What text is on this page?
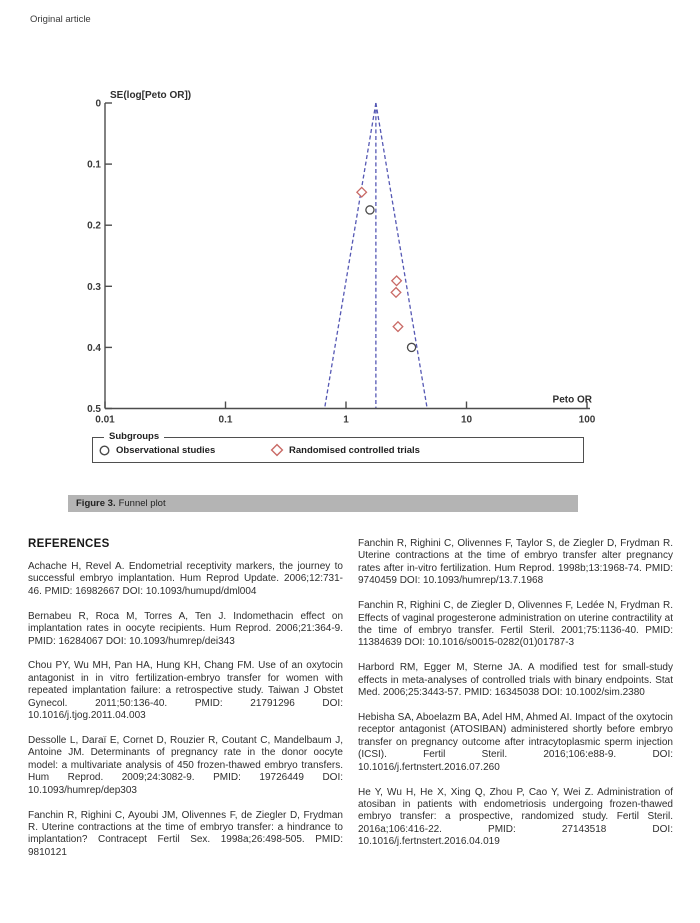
Original article
0
0.1
0.2
0.3
0.4
0.5
0.01	0.1	1	10	100
SE(log[Peto OR])
Peto OR
Subgroups
Observational studies	Randomised controlled trials
Figure 3. Funnel plot
REFERENCES

Achache H, Revel A. Endometrial receptivity markers, the journey to successful embryo implantation. Hum Reprod Update. 2006;12:731-46. PMID: 16982667 DOI: 10.1093/humupd/dml004

Bernabeu R, Roca M, Torres A, Ten J. Indomethacin effect on implantation rates in oocyte recipients. Hum Reprod. 2006;21:364-9. PMID: 16284067 DOI: 10.1093/humrep/dei343

Chou PY, Wu MH, Pan HA, Hung KH, Chang FM. Use of an oxytocin antagonist in in vitro fertilization-embryo transfer for women with repeated implantation failure: a retrospective study. Taiwan J Obstet Gynecol. 2011;50:136-40. PMID: 21791296 DOI: 10.1016/j.tjog.2011.04.003

Dessolle L, Daraï E, Cornet D, Rouzier R, Coutant C, Mandelbaum J, Antoine JM. Determinants of pregnancy rate in the donor oocyte model: a multivariate analysis of 450 frozen-thawed embryo transfers. Hum Reprod. 2009;24:3082-9. PMID: 19726449 DOI: 10.1093/humrep/dep303

Fanchin R, Righini C, Ayoubi JM, Olivennes F, de Ziegler D, Frydman R. Uterine contractions at the time of embryo transfer: a hindrance to implantation? Contracept Fertil Sex. 1998a;26:498-505. PMID: 9810121

Fanchin R, Righini C, Olivennes F, Taylor S, de Ziegler D, Frydman R. Uterine contractions at the time of embryo transfer alter pregnancy rates after in-vitro fertilization. Hum Reprod. 1998b;13:1968-74. PMID: 9740459 DOI: 10.1093/humrep/13.7.1968

Fanchin R, Righini C, de Ziegler D, Olivennes F, Ledée N, Frydman R. Effects of vaginal progesterone administration on uterine contractility at the time of embryo transfer. Fertil Steril. 2001;75:1136-40. PMID: 11384639 DOI: 10.1016/s0015-0282(01)01787-3

Harbord RM, Egger M, Sterne JA. A modified test for small-study effects in meta-analyses of controlled trials with binary endpoints. Stat Med. 2006;25:3443-57. PMID: 16345038 DOI: 10.1002/sim.2380

Hebisha SA, Aboelazm BA, Adel HM, Ahmed AI. Impact of the oxytocin receptor antagonist (ATOSIBAN) administered shortly before embryo transfer on pregnancy outcome after intracytoplasmic sperm injection (ICSI). Fertil Steril. 2016;106:e88-9. DOI: 10.1016/j.fertnstert.2016.07.260

He Y, Wu H, He X, Xing Q, Zhou P, Cao Y, Wei Z. Administration of atosiban in patients with endometriosis undergoing frozen-thawed embryo transfer: a prospective, randomized study. Fertil Steril. 2016a;106:416-22. PMID: 27143518 DOI: 10.1016/j.fertnstert.2016.04.019
